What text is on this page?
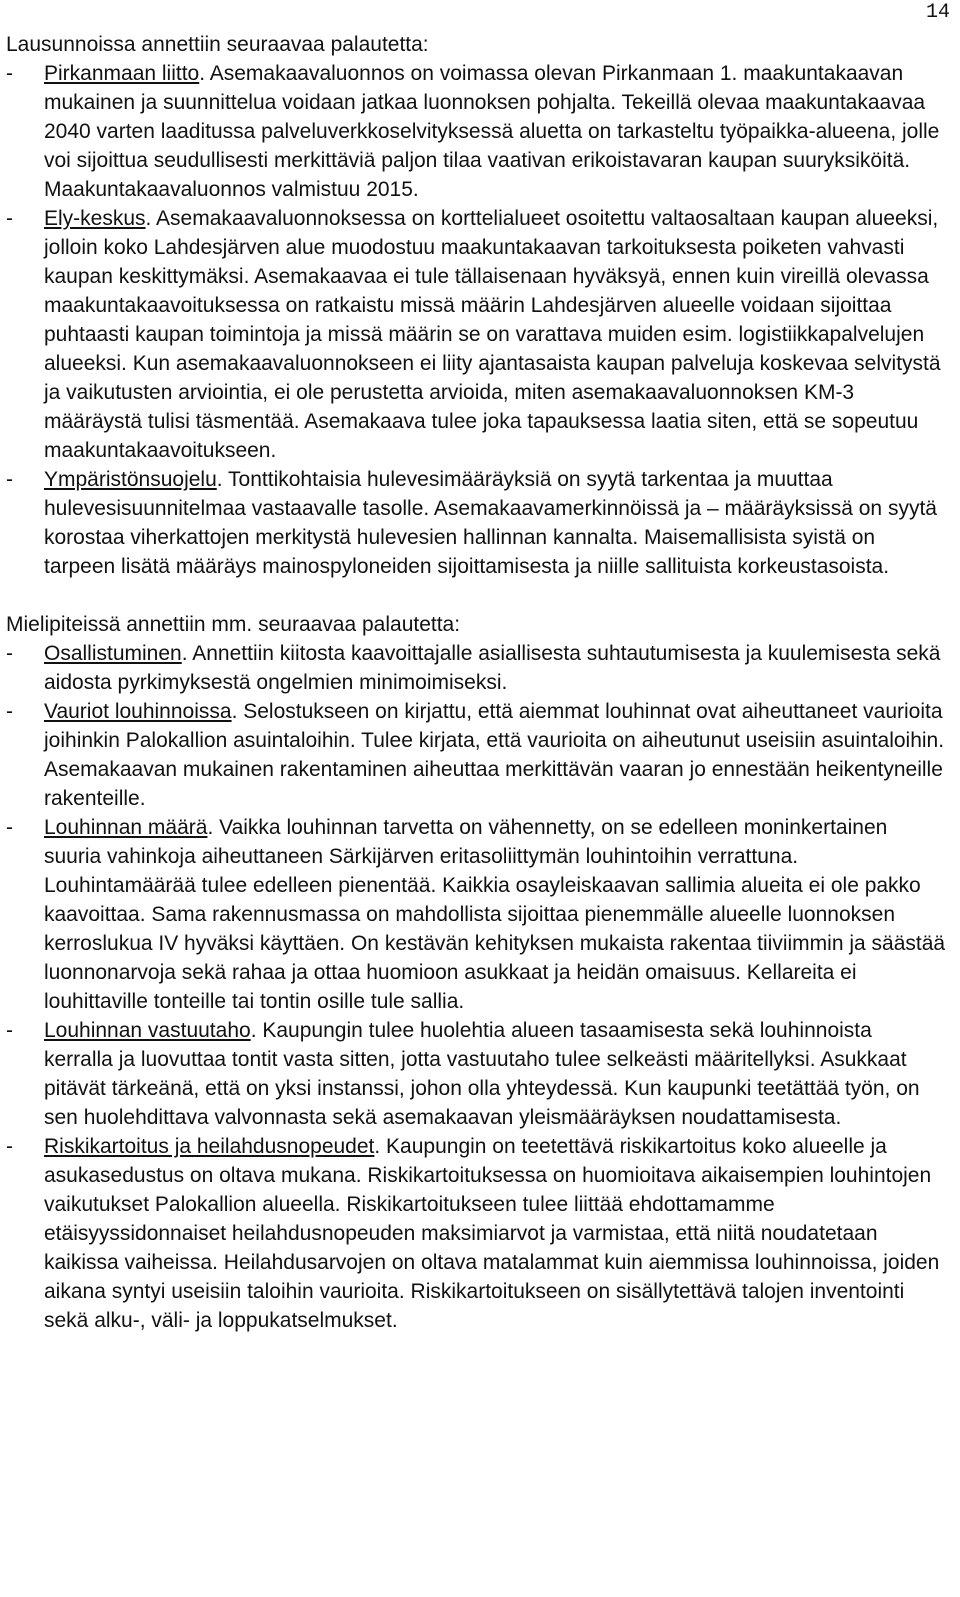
14

Lausunnoissa annettiin seuraavaa palautetta:

- Pirkanmaan liitto. Asemakaavaluonnos on voimassa olevan Pirkanmaan 1. maakuntakaavan mukainen ja suunnittelua voidaan jatkaa luonnoksen pohjalta. Tekeillä olevaa maakuntakaavaa 2040 varten laaditussa palveluverkkoselvityksessä aluetta on tarkasteltu työpaikka-alueena, jolle voi sijoittua seudullisesti merkittäviä paljon tilaa vaativan erikoistavaran kaupan suuryksiköitä. Maakuntakaavaluonnos valmistuu 2015.

- Ely-keskus. Asemakaavaluonnoksessa on korttelialueet osoitettu valtaosaltaan kaupan alueeksi, jolloin koko Lahdesjärven alue muodostuu maakuntakaavan tarkoituksesta poiketen vahvasti kaupan keskittymäksi. Asemakaavaa ei tule tällaisenaan hyväksyä, ennen kuin vireillä olevassa maakuntakaavoituksessa on ratkaistu missä määrin Lahdesjärven alueelle voidaan sijoittaa puhtaasti kaupan toimintoja ja missä määrin se on varattava muiden esim. logistiikkapalvelujen alueeksi. Kun asemakaavaluonnokseen ei liity ajantasaista kaupan palveluja koskevaa selvitystä ja vaikutusten arviointia, ei ole perustetta arvioida, miten asemakaavaluonnoksen KM-3 määräystä tulisi täsmentää. Asemakaava tulee joka tapauksessa laatia siten, että se sopeutuu maakuntakaavoitukseen.

- Ympäristönsuojelu. Tonttikohtaisia hulevesimääräyksiä on syytä tarkentaa ja muuttaa hulevesisuunnitelmaa vastaavalle tasolle. Asemakaavamerkinnöissä ja – määräyksissä on syytä korostaa viherkattojen merkitystä hulevesien hallinnan kannalta. Maisemallisista syistä on tarpeen lisätä määräys mainospyloneiden sijoittamisesta ja niille sallituista korkeustasoista.

Mielipiteissä annettiin mm. seuraavaa palautetta:

- Osallistuminen. Annettiin kiitosta kaavoittajalle asiallisesta suhtautumisesta ja kuulemisesta sekä aidosta pyrkimyksestä ongelmien minimoimiseksi.

- Vauriot louhinnoissa. Selostukseen on kirjattu, että aiemmat louhinnat ovat aiheuttaneet vaurioita joihinkin Palokallion asuintaloihin. Tulee kirjata, että vaurioita on aiheutunut useisiin asuintaloihin. Asemakaavan mukainen rakentaminen aiheuttaa merkittävän vaaran jo ennestään heikentyneille rakenteille.

- Louhinnan määrä. Vaikka louhinnan tarvetta on vähennetty, on se edelleen moninkertainen suuria vahinkoja aiheuttaneen Särkijärven eritasoliittymän louhintoihin verrattuna. Louhintamäärää tulee edelleen pienentää. Kaikkia osayleiskaavan sallimia alueita ei ole pakko kaavoittaa. Sama rakennusmassa on mahdollista sijoittaa pienemmälle alueelle luonnoksen kerroslukua IV hyväksi käyttäen. On kestävän kehityksen mukaista rakentaa tiiviimmin ja säästää luonnonarvoja sekä rahaa ja ottaa huomioon asukkaat ja heidän omaisuus. Kellareita ei louhittaville tonteille tai tontin osille tule sallia.

- Louhinnan vastuutaho. Kaupungin tulee huolehtia alueen tasaamisesta sekä louhinnoista kerralla ja luovuttaa tontit vasta sitten, jotta vastuutaho tulee selkeästi määritellyksi. Asukkaat pitävät tärkeänä, että on yksi instanssi, johon olla yhteydessä. Kun kaupunki teetättää työn, on sen huolehdittava valvonnasta sekä asemakaavan yleismääräyksen noudattamisesta.

- Riskikartoitus ja heilahdusnopeudet. Kaupungin on teetettävä riskikartoitus koko alueelle ja asukasedustus on oltava mukana. Riskikartoituksessa on huomioitava aikaisempien louhintojen vaikutukset Palokallion alueella. Riskikartoitukseen tulee liittää ehdottamamme etäisyyssidonnaiset heilahdusnopeuden maksimiarvot ja varmistaa, että niitä noudatetaan kaikissa vaiheissa. Heilahdusarvojen on oltava matalammat kuin aiemmissa louhinnoissa, joiden aikana syntyi useisiin taloihin vaurioita. Riskikartoitukseen on sisällytettävä talojen inventointi sekä alku-, väli- ja loppukatselmukset.
